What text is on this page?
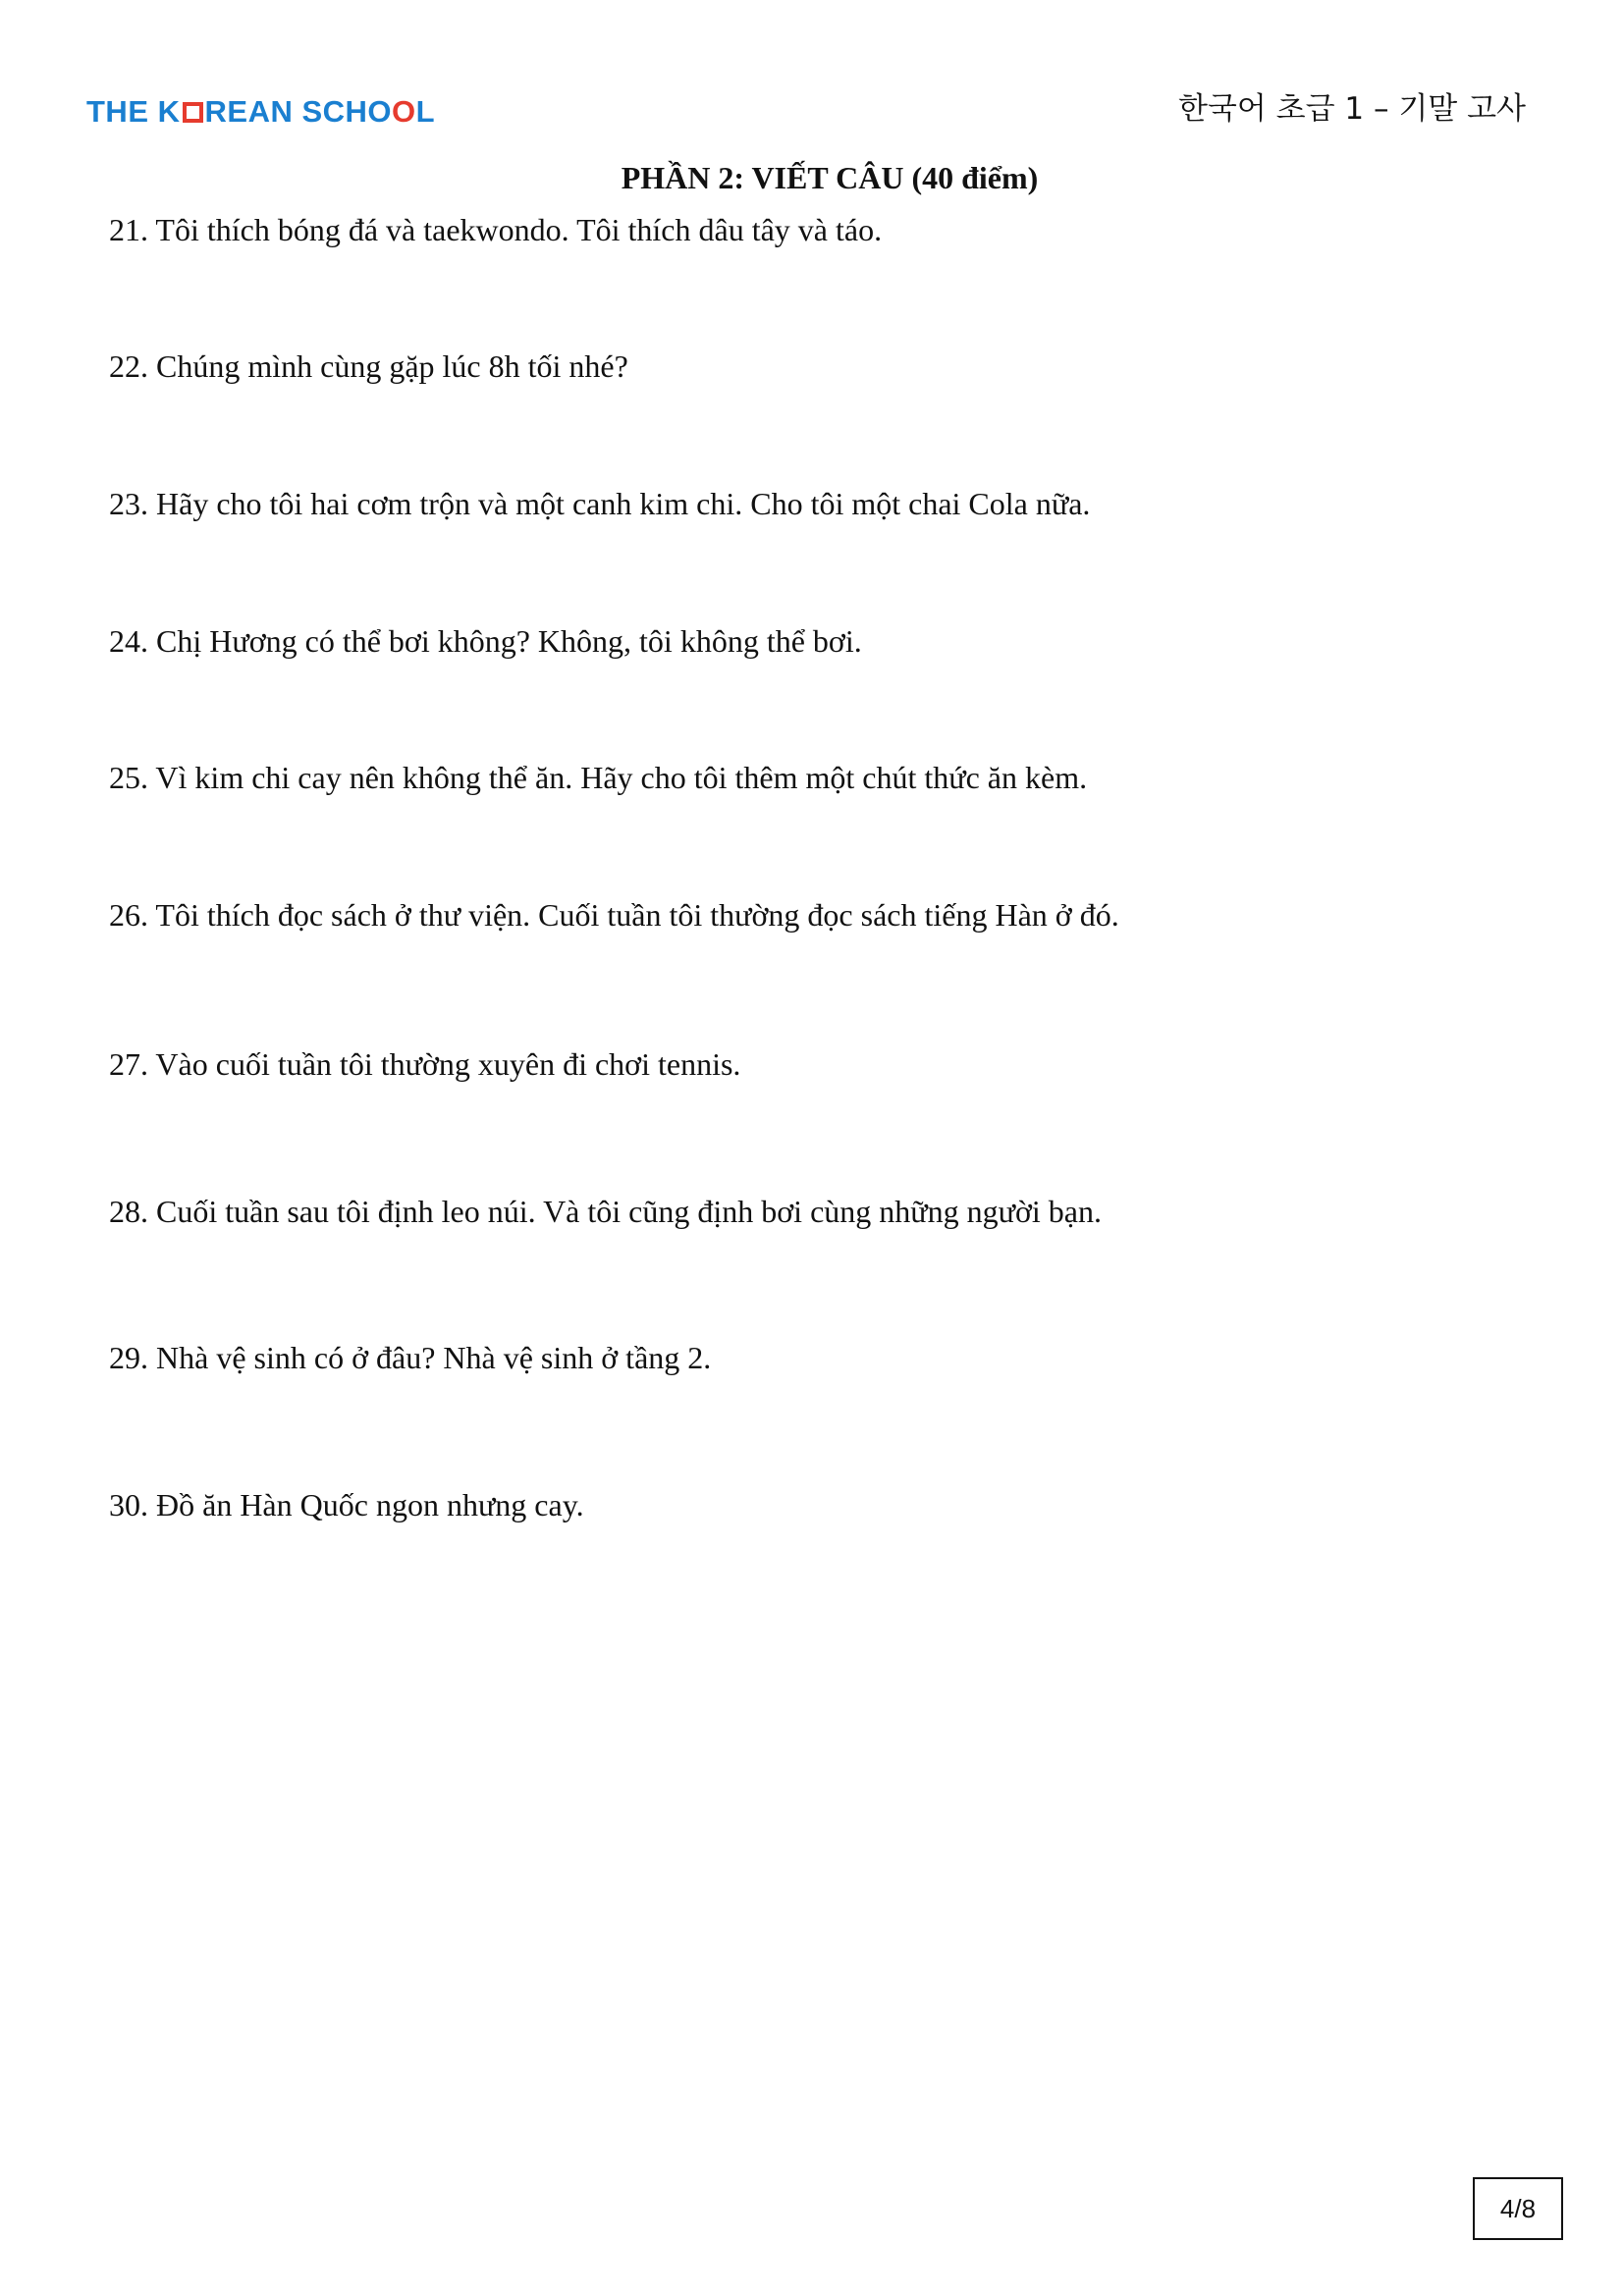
THE K REAN SCHOOL	한국어 초급 1 – 기말 고사
PHẦN 2: VIẾT CÂU (40 điểm)
21. Tôi thích bóng đá và taekwondo. Tôi thích dâu tây và táo.
22. Chúng mình cùng gặp lúc 8h tối nhé?
23. Hãy cho tôi hai cơm trộn và một canh kim chi. Cho tôi một chai Cola nữa.
24. Chị Hương có thể bơi không? Không, tôi không thể bơi.
25. Vì kim chi cay nên không thể ăn. Hãy cho tôi thêm một chút thức ăn kèm.
26. Tôi thích đọc sách ở thư viện. Cuối tuần tôi thường đọc sách tiếng Hàn ở đó.
27. Vào cuối tuần tôi thường xuyên đi chơi tennis.
28. Cuối tuần sau tôi định leo núi. Và tôi cũng định bơi cùng những người bạn.
29. Nhà vệ sinh có ở đâu? Nhà vệ sinh ở tầng 2.
30. Đồ ăn Hàn Quốc ngon nhưng cay.
4/8
